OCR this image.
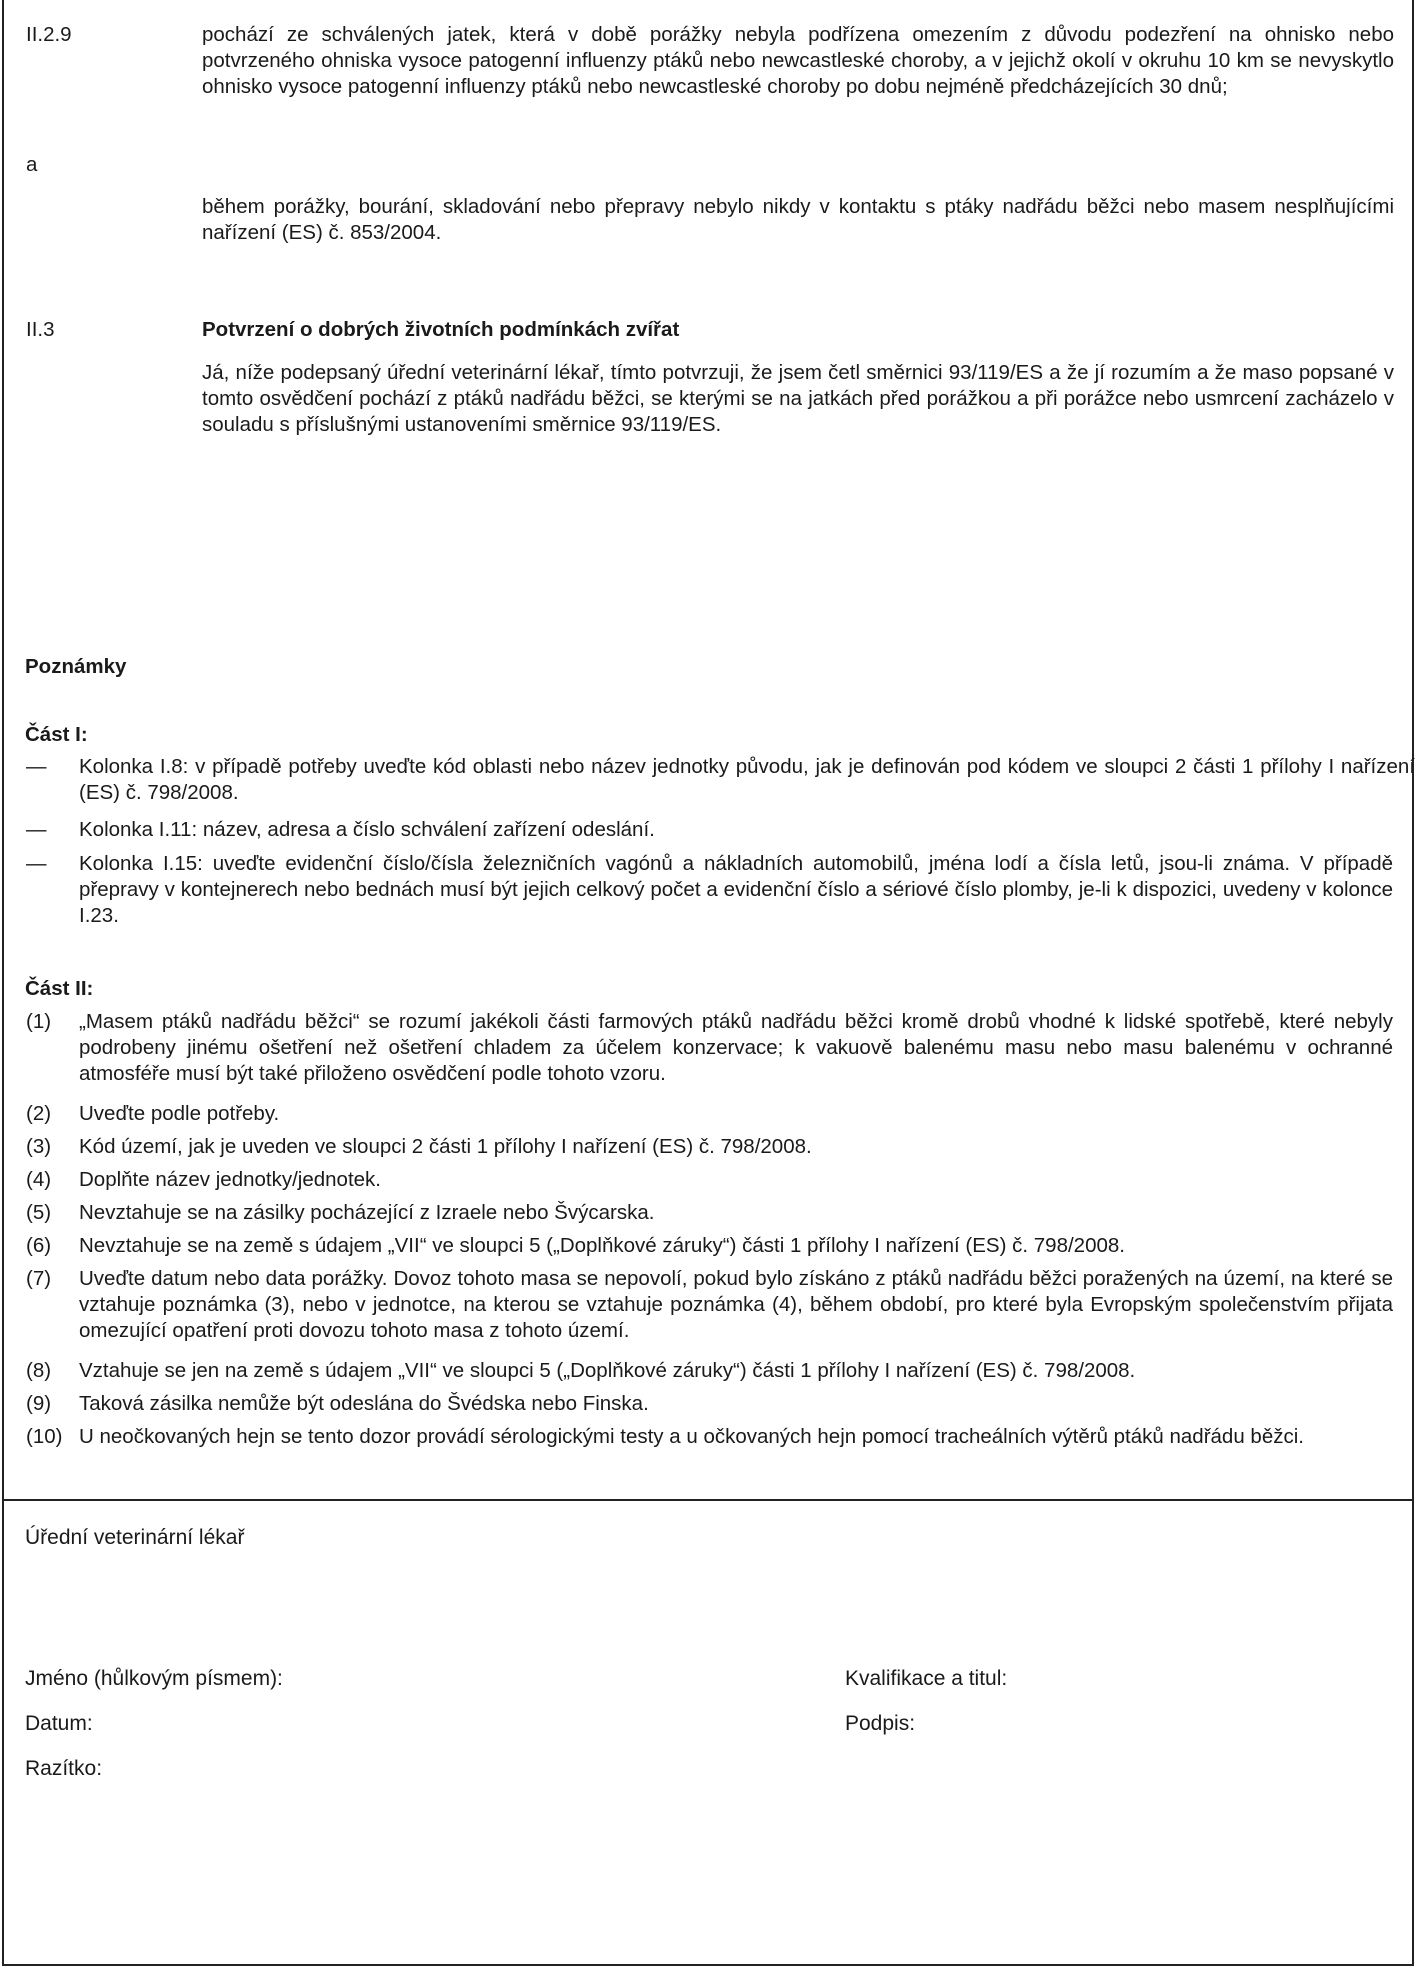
II.2.9	pochází ze schválených jatek, která v době porážky nebyla podřízena omezením z důvodu podezření na ohnisko nebo potvrzeného ohniska vysoce patogenní influenzy ptáků nebo newcastleské choroby, a v jejichž okolí v okruhu 10 km se nevyskytlo ohnisko vysoce patogenní influenzy ptáků nebo newcastleské choroby po dobu nejméně předcházejících 30 dnů;
a
během porážky, bourání, skladování nebo přepravy nebylo nikdy v kontaktu s ptáky nadřádu běžci nebo masem nesplňujícími nařízení (ES) č. 853/2004.
II.3	Potvrzení o dobrých životních podmínkách zvířat
Já, níže podepsaný úřední veterinární lékař, tímto potvrzuji, že jsem četl směrnici 93/119/ES a že jí rozumím a že maso popsané v tomto osvědčení pochází z ptáků nadřádu běžci, se kterými se na jatkách před porážkou a při porážce nebo usmrcení zacházelo v souladu s příslušnými ustanoveními směrnice 93/119/ES.
Poznámky
Část I:
— Kolonka I.8: v případě potřeby uveďte kód oblasti nebo název jednotky původu, jak je definován pod kódem ve sloupci 2 části 1 přílohy I nařízení (ES) č. 798/2008.
— Kolonka I.11: název, adresa a číslo schválení zařízení odeslání.
— Kolonka I.15: uveďte evidenční číslo/čísla železničních vagónů a nákladních automobilů, jména lodí a čísla letů, jsou-li známa. V případě přepravy v kontejnerech nebo bednách musí být jejich celkový počet a evidenční číslo a sériové číslo plomby, je-li k dispozici, uvedeny v kolonce I.23.
Část II:
(1) „Masem ptáků nadřádu běžci“ se rozumí jakékoli části farmových ptáků nadřádu běžci kromě drobů vhodné k lidské spotřebě, které nebyly podrobeny jinému ošetření než ošetření chladem za účelem konzervace; k vakuově balenému masu nebo masu balenému v ochranné atmosféře musí být také přiloženo osvědčení podle tohoto vzoru.
(2) Uveďte podle potřeby.
(3) Kód území, jak je uveden ve sloupci 2 části 1 přílohy I nařízení (ES) č. 798/2008.
(4) Doplňte název jednotky/jednotek.
(5) Nevztahuje se na zásilky pocházející z Izraele nebo Švýcarska.
(6) Nevztahuje se na země s údajem „VII“ ve sloupci 5 („Doplňkové záruky“) části 1 přílohy I nařízení (ES) č. 798/2008.
(7) Uveďte datum nebo data porážky. Dovoz tohoto masa se nepovolí, pokud bylo získáno z ptáků nadřádu běžci poražených na území, na které se vztahuje poznámka (3), nebo v jednotce, na kterou se vztahuje poznámka (4), během období, pro které byla Evropským společenstvím přijata omezující opatření proti dovozu tohoto masa z tohoto území.
(8) Vztahuje se jen na země s údajem „VII“ ve sloupci 5 („Doplňkové záruky“) části 1 přílohy I nařízení (ES) č. 798/2008.
(9) Taková zásilka nemůže být odeslána do Švédska nebo Finska.
(10) U neočkovaných hejn se tento dozor provádí sérologickými testy a u očkovaných hejn pomocí tracheálních výtěrů ptáků nadřádu běžci.
Úřední veterinární lékař
Jméno (hůlkovým písmem):	Kvalifikace a titul:
Datum:	Podpis:
Razítko:
